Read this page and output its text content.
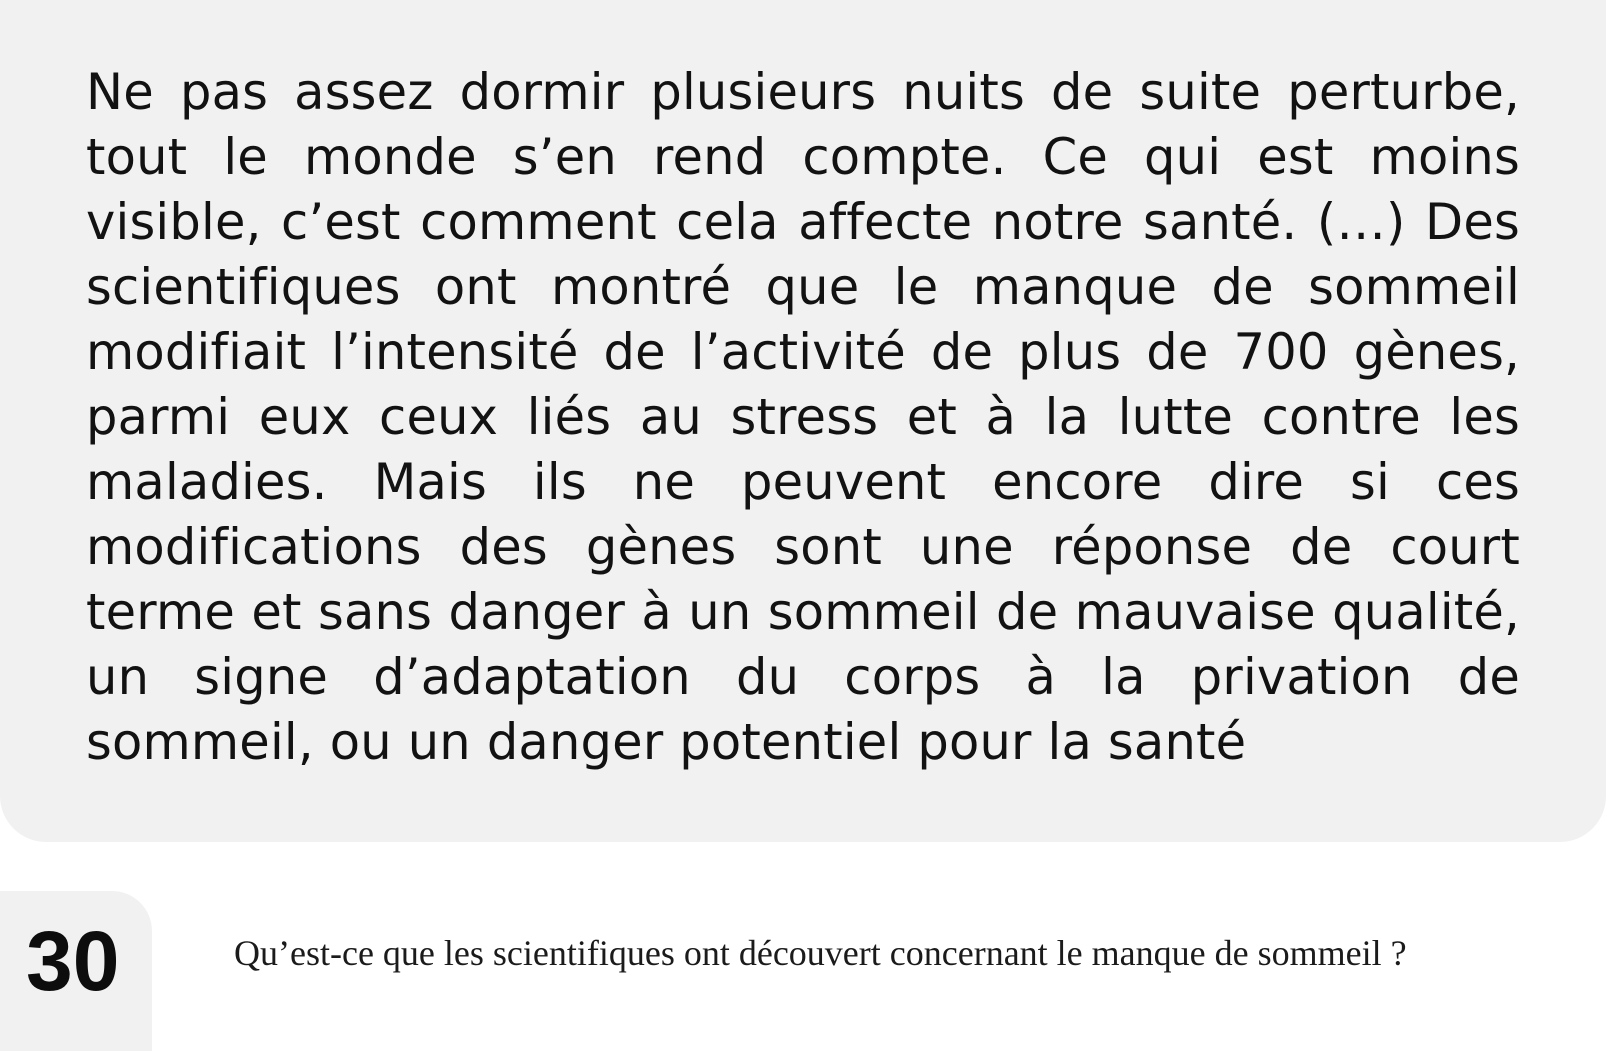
Ne pas assez dormir plusieurs nuits de suite perturbe, tout le monde s’en rend compte. Ce qui est moins visible, c’est comment cela affecte notre santé. (…) Des scientifiques ont montré que le manque de sommeil modifiait l’intensité de l’activité de plus de 700 gènes, parmi eux ceux liés au stress et à la lutte contre les maladies. Mais ils ne peuvent encore dire si ces modifications des gènes sont une réponse de court terme et sans danger à un sommeil de mauvaise qualité, un signe d’adaptation du corps à la privation de sommeil, ou un danger potentiel pour la santé

30	Qu’est-ce que les scientifiques ont découvert concernant le manque de sommeil ?
